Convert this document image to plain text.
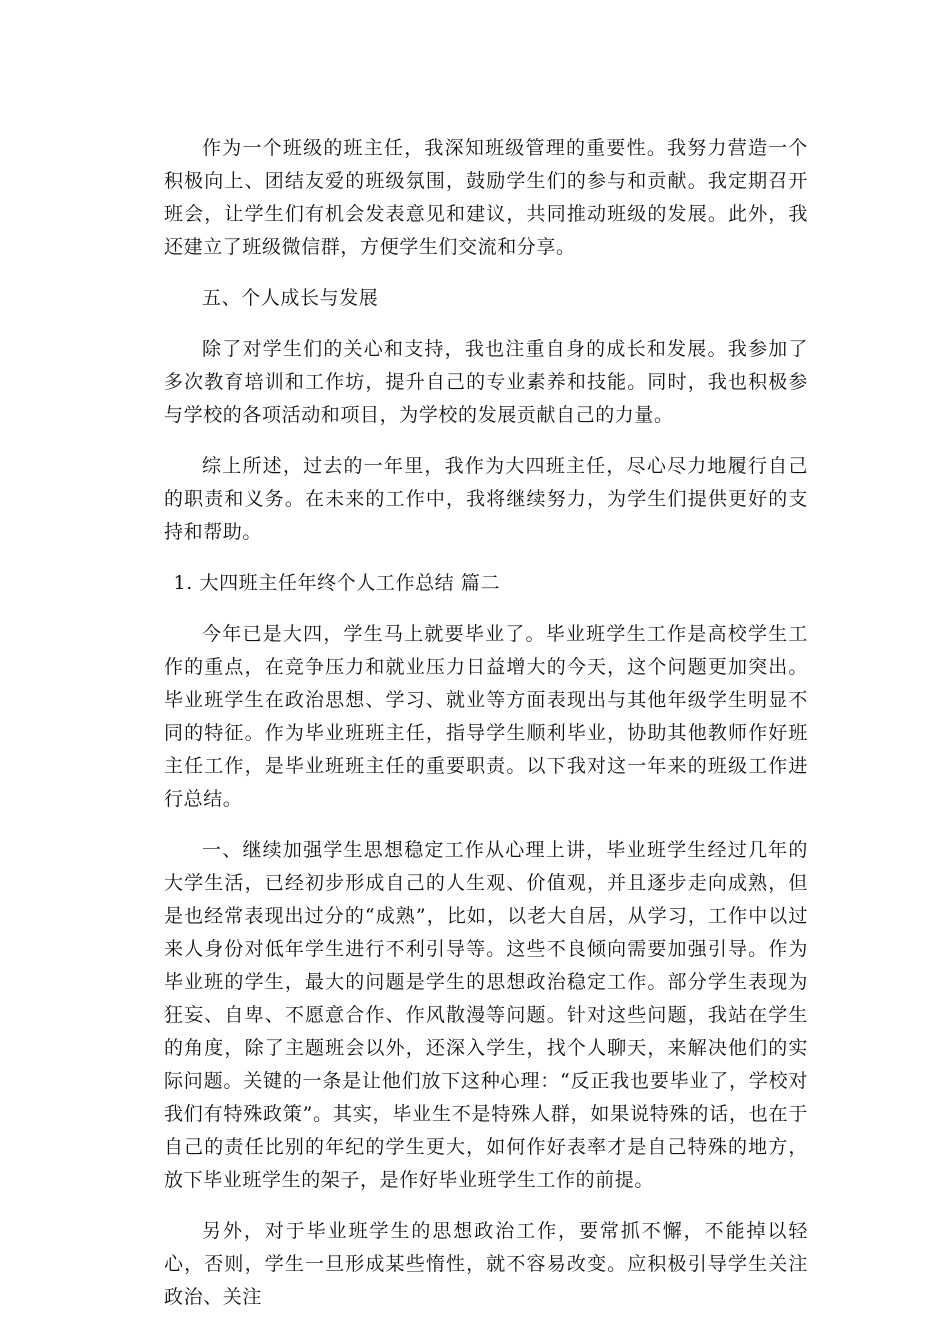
作为一个班级的班主任，我深知班级管理的重要性。我努力营造一个积极向上、团结友爱的班级氛围，鼓励学生们的参与和贡献。我定期召开班会，让学生们有机会发表意见和建议，共同推动班级的发展。此外，我还建立了班级微信群，方便学生们交流和分享。

五、个人成长与发展

除了对学生们的关心和支持，我也注重自身的成长和发展。我参加了多次教育培训和工作坊，提升自己的专业素养和技能。同时，我也积极参与学校的各项活动和项目，为学校的发展贡献自己的力量。

综上所述，过去的一年里，我作为大四班主任，尽心尽力地履行自己的职责和义务。在未来的工作中，我将继续努力，为学生们提供更好的支持和帮助。

1. 大四班主任年终个人工作总结 篇二

今年已是大四，学生马上就要毕业了。毕业班学生工作是高校学生工作的重点，在竞争压力和就业压力日益增大的今天，这个问题更加突出。毕业班学生在政治思想、学习、就业等方面表现出与其他年级学生明显不同的特征。作为毕业班班主任，指导学生顺利毕业，协助其他教师作好班主任工作，是毕业班班主任的重要职责。以下我对这一年来的班级工作进行总结。

一、继续加强学生思想稳定工作从心理上讲，毕业班学生经过几年的大学生活，已经初步形成自己的人生观、价值观，并且逐步走向成熟，但是也经常表现出过分的“成熟”，比如，以老大自居，从学习，工作中以过来人身份对低年学生进行不利引导等。这些不良倾向需要加强引导。作为毕业班的学生，最大的问题是学生的思想政治稳定工作。部分学生表现为狂妄、自卑、不愿意合作、作风散漫等问题。针对这些问题，我站在学生的角度，除了主题班会以外，还深入学生，找个人聊天，来解决他们的实际问题。关键的一条是让他们放下这种心理：“反正我也要毕业了，学校对我们有特殊政策”。其实，毕业生不是特殊人群，如果说特殊的话，也在于自己的责任比别的年纪的学生更大，如何作好表率才是自己特殊的地方，放下毕业班学生的架子，是作好毕业班学生工作的前提。

另外，对于毕业班学生的思想政治工作，要常抓不懈，不能掉以轻心，否则，学生一旦形成某些惰性，就不容易改变。应积极引导学生关注政治、关注
